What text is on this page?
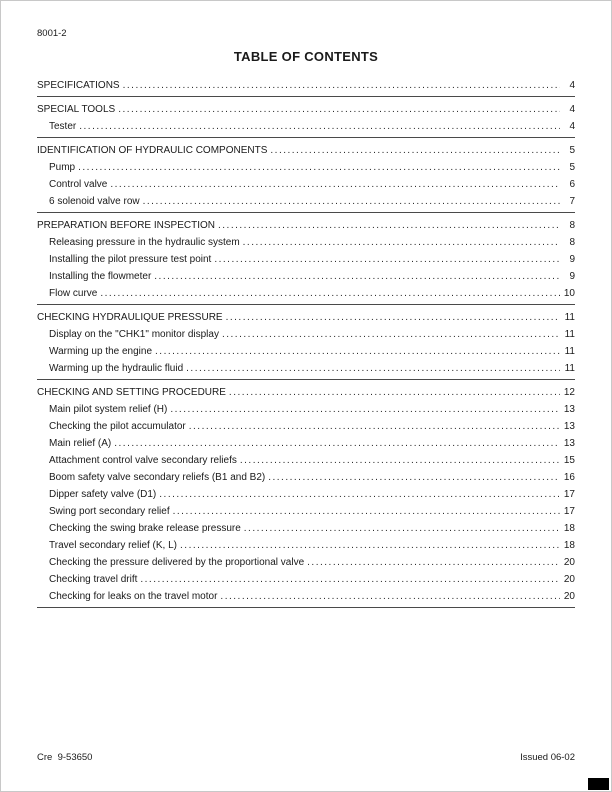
8001-2
TABLE OF CONTENTS
SPECIFICATIONS .....	4
SPECIAL TOOLS .....	4
Tester .....	4
IDENTIFICATION OF HYDRAULIC COMPONENTS .....	5
Pump .....	5
Control valve .....	6
6 solenoid valve row .....	7
PREPARATION BEFORE INSPECTION .....	8
Releasing pressure in the hydraulic system .....	8
Installing the pilot pressure test point .....	9
Installing the flowmeter .....	9
Flow curve .....	10
CHECKING HYDRAULIQUE PRESSURE .....	11
Display on the "CHK1" monitor display .....	11
Warming up the engine .....	11
Warming up the hydraulic fluid .....	11
CHECKING AND SETTING PROCEDURE .....	12
Main pilot system relief (H) .....	13
Checking the pilot accumulator .....	13
Main relief (A) .....	13
Attachment control valve secondary reliefs .....	15
Boom safety valve secondary reliefs (B1 and B2) .....	16
Dipper safety valve (D1) .....	17
Swing port secondary relief .....	17
Checking the swing brake release pressure .....	18
Travel secondary relief (K, L) .....	18
Checking the pressure delivered by the proportional valve .....	20
Checking travel drift .....	20
Checking for leaks on the travel motor .....	20
Cre  9-53650	Issued 06-02
